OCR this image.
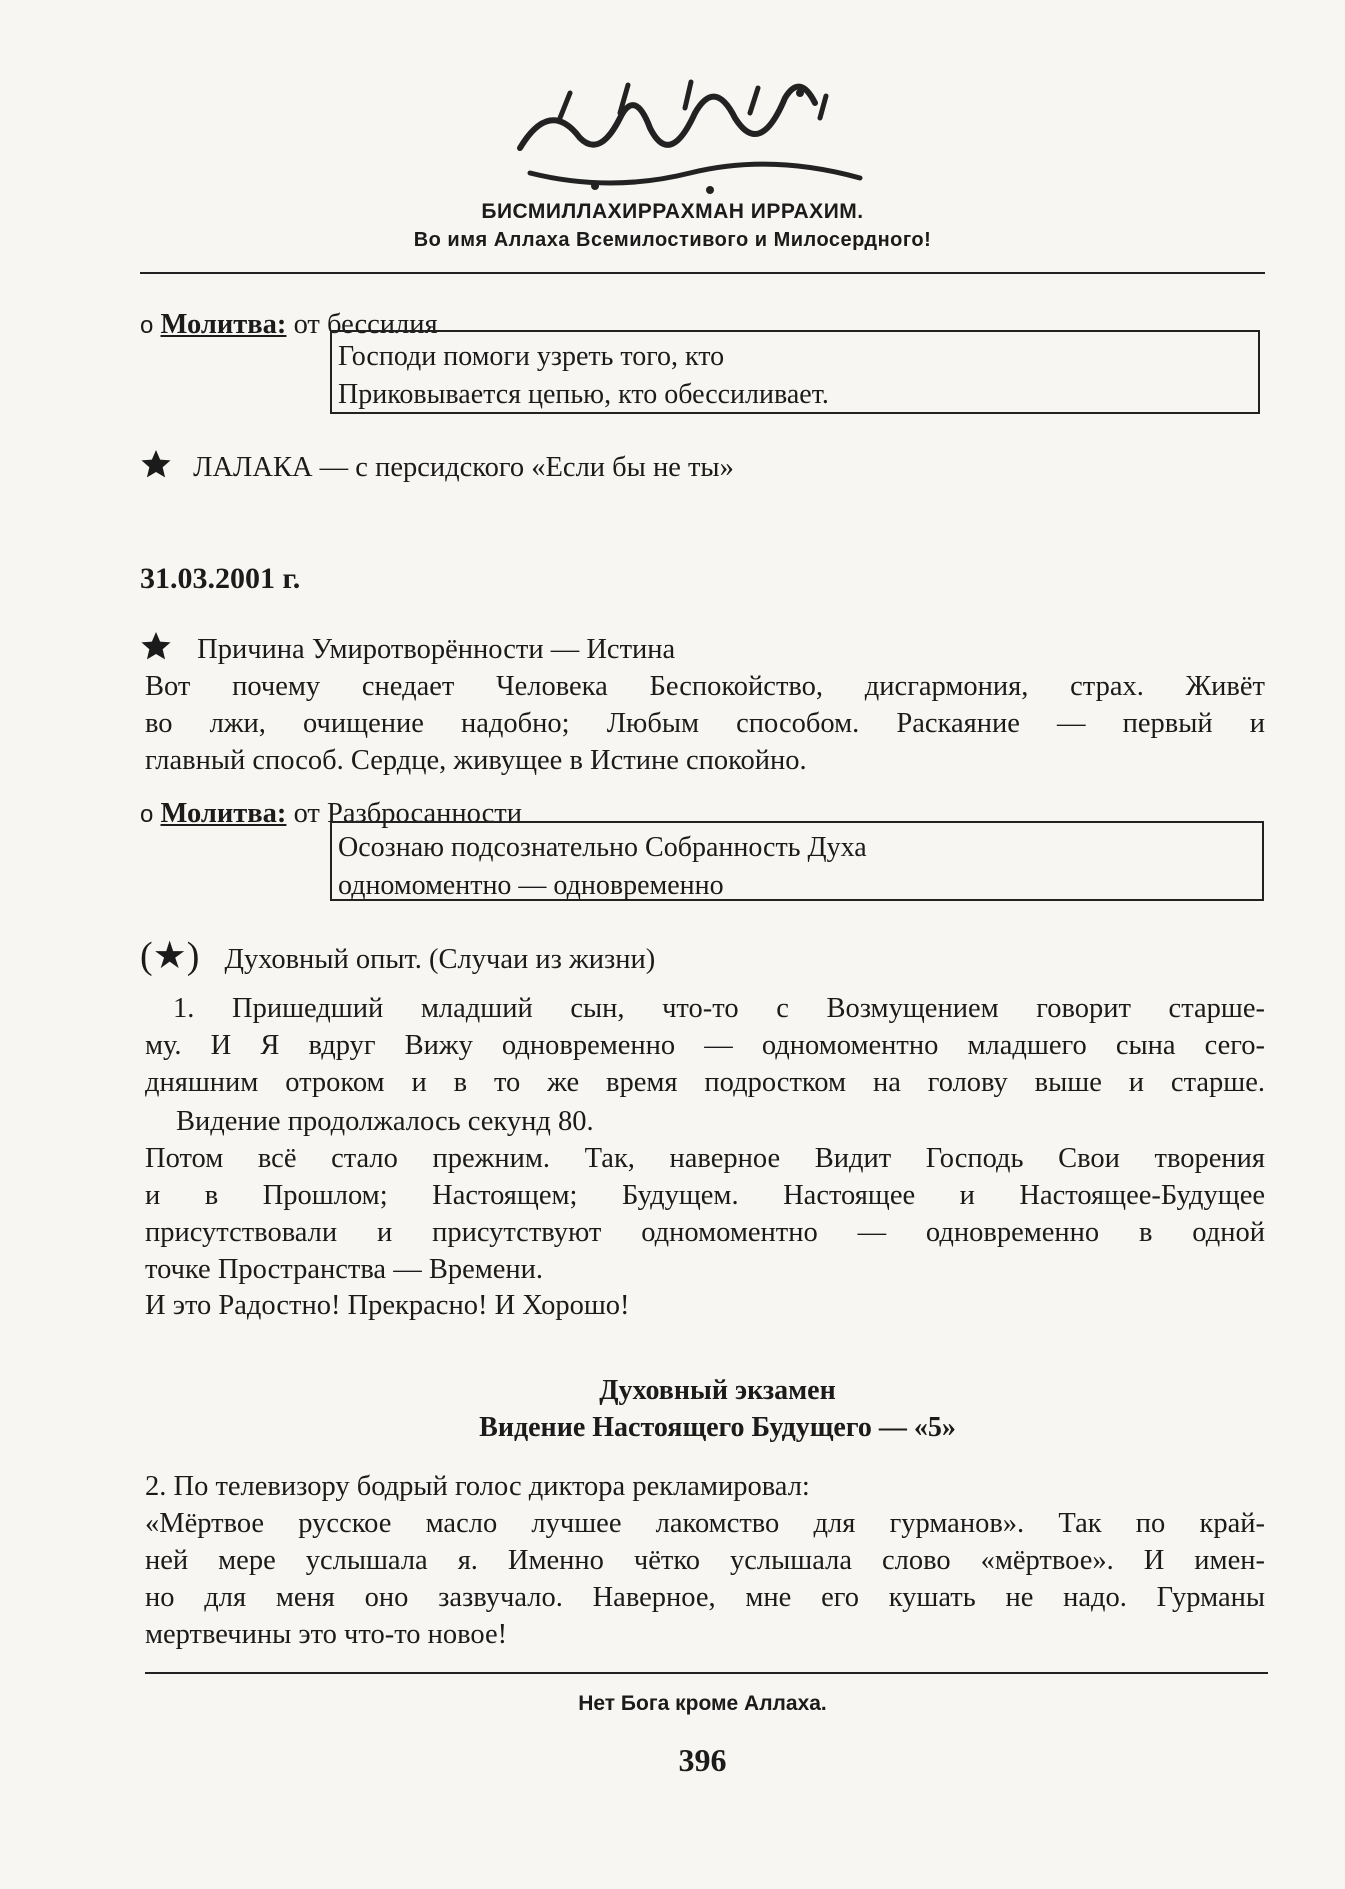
БИСМИЛЛАХИРРАХМАН ИРРАХИМ.
Во имя Аллаха Всемилостивого и Милосердного!
о Молитва: от бессилия
Господи помоги узреть того, кто
Приковывается цепью, кто обессиливает.
ЛАЛАКА — с персидского «Если бы не ты»
31.03.2001 г.
Причина Умиротворённости — Истина
Вот почему снедает Человека Беспокойство, дисгармония, страх. Живёт
во лжи, очищение надобно; Любым способом. Раскаяние — первый и
главный способ. Сердце, живущее в Истине спокойно.
о Молитва: от Разбросанности
Осознаю подсознательно Собранность Духа
одномоментно — одновременно
(★) Духовный опыт. (Случаи из жизни)
1. Пришедший младший сын, что-то с Возмущением говорит старше-
му. И Я вдруг Вижу одновременно — одномоментно младшего сына сего-
дняшним отроком и в то же время подростком на голову выше и старше.
Видение продолжалось секунд 80.
Потом всё стало прежним. Так, наверное Видит Господь Свои творения
и в Прошлом; Настоящем; Будущем. Настоящее и Настоящее-Будущее
присутствовали и присутствуют одномоментно — одновременно в одной
точке Пространства — Времени.
И это Радостно! Прекрасно! И Хорошо!
Духовный экзамен
Видение Настоящего Будущего — «5»
2. По телевизору бодрый голос диктора рекламировал:
«Мёртвое русское масло лучшее лакомство для гурманов». Так по край-
ней мере услышала я. Именно чётко услышала слово «мёртвое». И имен-
но для меня оно зазвучало. Наверное, мне его кушать не надо. Гурманы
мертвечины это что-то новое!
Нет Бога кроме Аллаха.
396
